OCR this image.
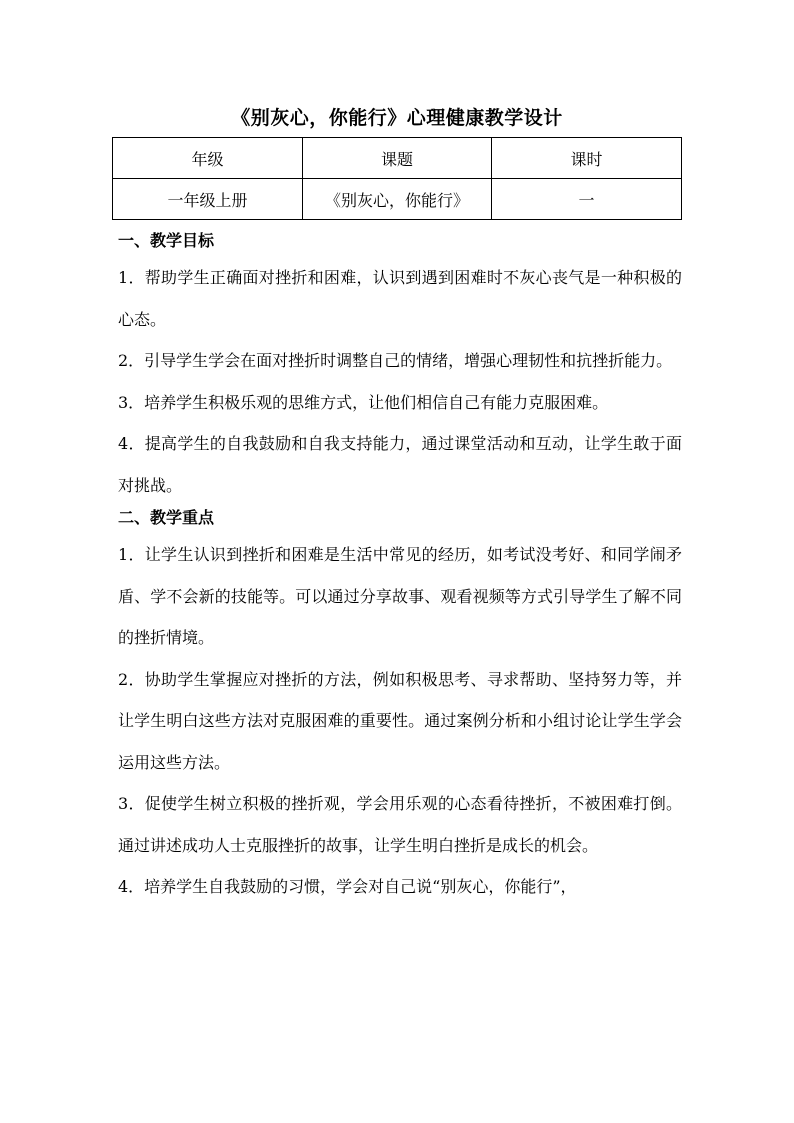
《别灰心，你能行》心理健康教学设计
年级	课题	课时
一年级上册	《别灰心，你能行》	一
一、教学目标

1．帮助学生正确面对挫折和困难，认识到遇到困难时不灰心丧气是一种积极的心态。

2．引导学生学会在面对挫折时调整自己的情绪，增强心理韧性和抗挫折能力。

3．培养学生积极乐观的思维方式，让他们相信自己有能力克服困难。

4．提高学生的自我鼓励和自我支持能力，通过课堂活动和互动，让学生敢于面对挑战。

二、教学重点

1．让学生认识到挫折和困难是生活中常见的经历，如考试没考好、和同学闹矛盾、学不会新的技能等。可以通过分享故事、观看视频等方式引导学生了解不同的挫折情境。

2．协助学生掌握应对挫折的方法，例如积极思考、寻求帮助、坚持努力等，并让学生明白这些方法对克服困难的重要性。通过案例分析和小组讨论让学生学会运用这些方法。

3．促使学生树立积极的挫折观，学会用乐观的心态看待挫折，不被困难打倒。通过讲述成功人士克服挫折的故事，让学生明白挫折是成长的机会。

4．培养学生自我鼓励的习惯，学会对自己说“别灰心，你能行”，
